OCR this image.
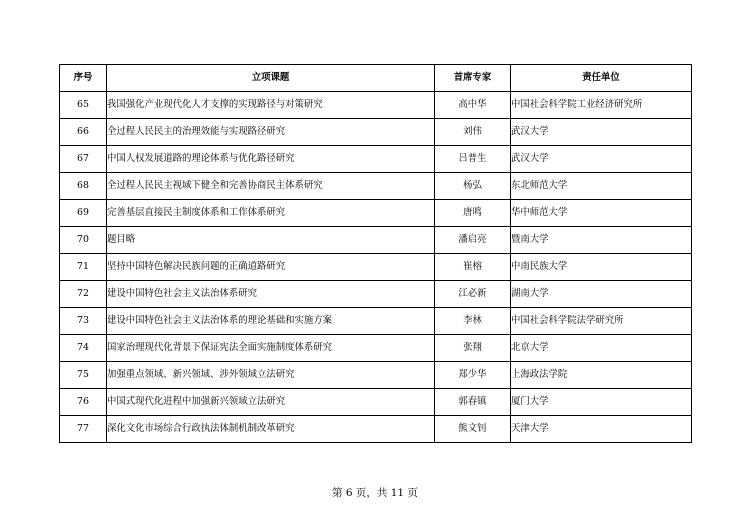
序号	立项课题	首席专家	责任单位
65	我国强化产业现代化人才支撑的实现路径与对策研究	高中华	中国社会科学院工业经济研究所
66	全过程人民民主的治理效能与实现路径研究	刘伟	武汉大学
67	中国人权发展道路的理论体系与优化路径研究	吕普生	武汉大学
68	全过程人民民主视域下健全和完善协商民主体系研究	杨弘	东北师范大学
69	完善基层直接民主制度体系和工作体系研究	唐鸣	华中师范大学
70	题目略	潘启亮	暨南大学
71	坚持中国特色解决民族问题的正确道路研究	崔榕	中南民族大学
72	建设中国特色社会主义法治体系研究	江必新	湖南大学
73	建设中国特色社会主义法治体系的理论基础和实施方案	李林	中国社会科学院法学研究所
74	国家治理现代化背景下保证宪法全面实施制度体系研究	张翔	北京大学
75	加强重点领域、新兴领域、涉外领域立法研究	郑少华	上海政法学院
76	中国式现代化进程中加强新兴领域立法研究	郭春镇	厦门大学
77	深化文化市场综合行政执法体制机制改革研究	熊文钊	天津大学
第 6 页，共 11 页
